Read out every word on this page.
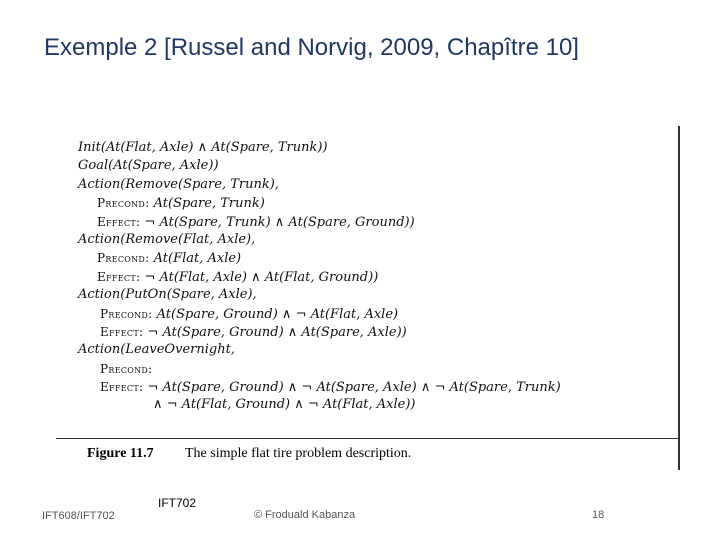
Exemple 2 [Russel and Norvig, 2009, Chapître 10]
Init(At(Flat, Axle) ∧ At(Spare, Trunk))
Goal(At(Spare, Axle))
Action(Remove(Spare, Trunk),
Precond: At(Spare, Trunk)
Effect: ¬ At(Spare, Trunk) ∧ At(Spare, Ground))
Action(Remove(Flat, Axle),
Precond: At(Flat, Axle)
Effect: ¬ At(Flat, Axle) ∧ At(Flat, Ground))
Action(PutOn(Spare, Axle),
Precond: At(Spare, Ground) ∧ ¬ At(Flat, Axle)
Effect: ¬ At(Spare, Ground) ∧ At(Spare, Axle))
Action(LeaveOvernight,
Precond:
Effect: ¬ At(Spare, Ground) ∧ ¬ At(Spare, Axle) ∧ ¬ At(Spare, Trunk)
∧ ¬ At(Flat, Ground) ∧ ¬ At(Flat, Axle))
Figure 11.7 The simple flat tire problem description.
IFT608/IFT702
IFT702
© Froduald Kabanza	18
